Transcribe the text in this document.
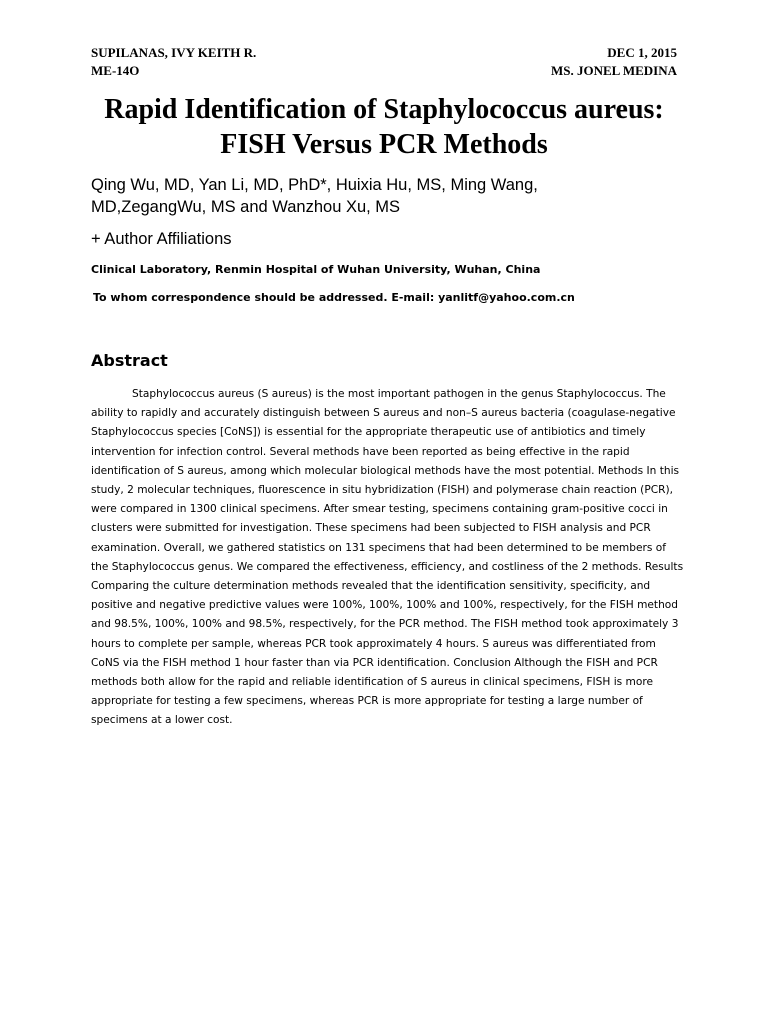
SUPILANAS, IVY KEITH R.	DEC 1, 2015
ME-14O	MS. JONEL MEDINA
Rapid Identification of Staphylococcus aureus:
FISH Versus PCR Methods
Qing Wu, MD, Yan Li, MD, PhD*, Huixia Hu, MS, Ming Wang, MD,ZegangWu, MS and Wanzhou Xu, MS
+ Author Affiliations
Clinical Laboratory, Renmin Hospital of Wuhan University, Wuhan, China
To whom correspondence should be addressed. E-mail: yanlitf@yahoo.com.cn
Abstract

Staphylococcus aureus (S aureus) is the most important pathogen in the genus Staphylococcus. The ability to rapidly and accurately distinguish between S aureus and non–S aureus bacteria (coagulase-negative Staphylococcus species [CoNS]) is essential for the appropriate therapeutic use of antibiotics and timely intervention for infection control. Several methods have been reported as being effective in the rapid identification of S aureus, among which molecular biological methods have the most potential. Methods In this study, 2 molecular techniques, fluorescence in situ hybridization (FISH) and polymerase chain reaction (PCR), were compared in 1300 clinical specimens. After smear testing, specimens containing gram-positive cocci in clusters were submitted for investigation. These specimens had been subjected to FISH analysis and PCR examination. Overall, we gathered statistics on 131 specimens that had been determined to be members of the Staphylococcus genus. We compared the effectiveness, efficiency, and costliness of the 2 methods. Results Comparing the culture determination methods revealed that the identification sensitivity, specificity, and positive and negative predictive values were 100%, 100%, 100% and 100%, respectively, for the FISH method and 98.5%, 100%, 100% and 98.5%, respectively, for the PCR method. The FISH method took approximately 3 hours to complete per sample, whereas PCR took approximately 4 hours. S aureus was differentiated from CoNS via the FISH method 1 hour faster than via PCR identification. Conclusion Although the FISH and PCR methods both allow for the rapid and reliable identification of S aureus in clinical specimens, FISH is more appropriate for testing a few specimens, whereas PCR is more appropriate for testing a large number of specimens at a lower cost.
